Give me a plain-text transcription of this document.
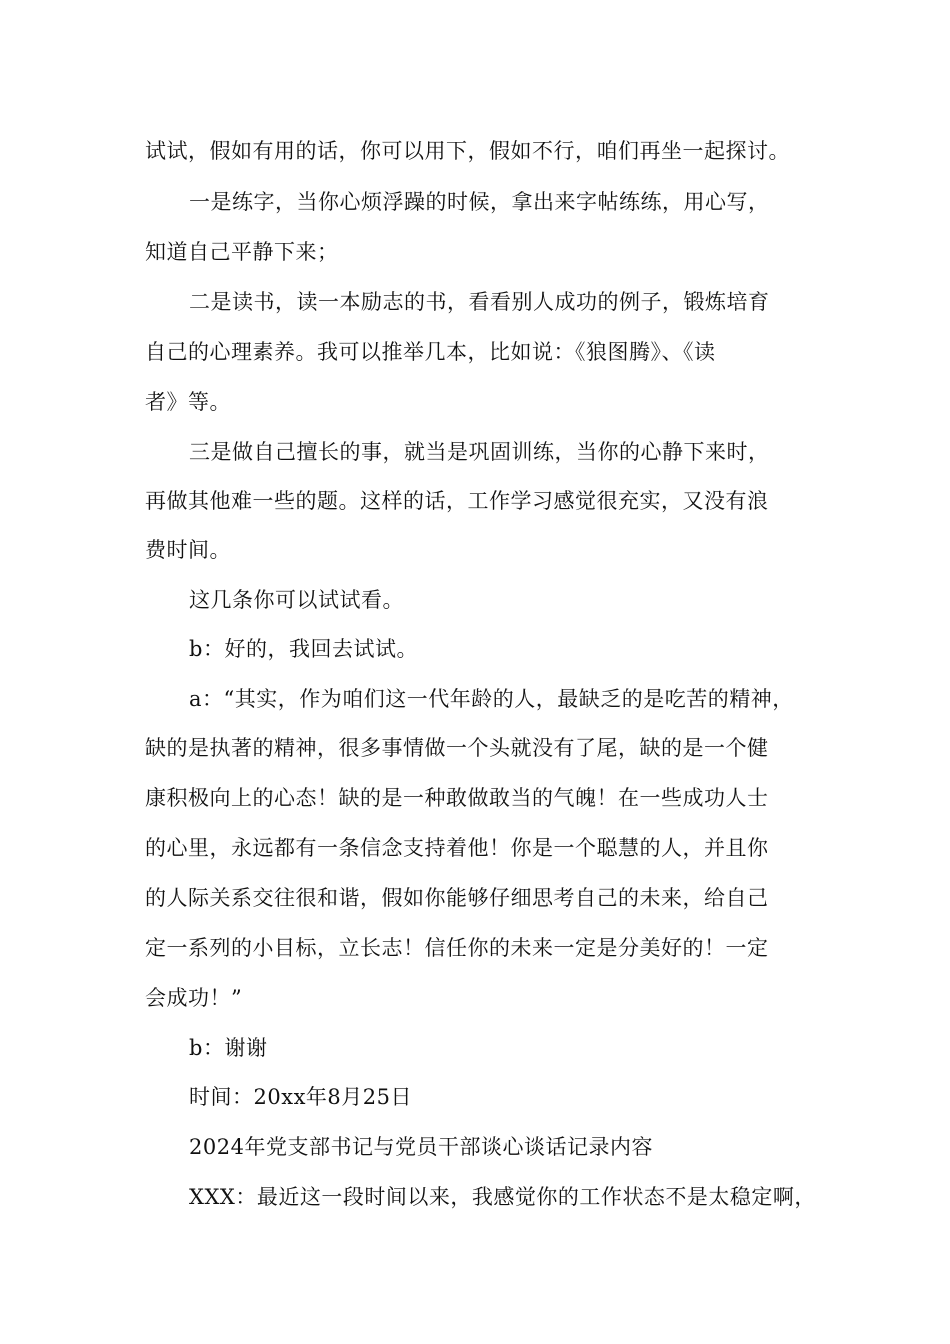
试试，假如有用的话，你可以用下，假如不行，咱们再坐一起探讨。
一是练字，当你心烦浮躁的时候，拿出来字帖练练，用心写，
知道自己平静下来；
二是读书，读一本励志的书，看看别人成功的例子，锻炼培育
自己的心理素养。我可以推举几本，比如说：《狼图腾》、《读
者》等。
三是做自己擅长的事，就当是巩固训练，当你的心静下来时，
再做其他难一些的题。这样的话，工作学习感觉很充实，又没有浪
费时间。
这几条你可以试试看。
b：好的，我回去试试。
a：“其实，作为咱们这一代年龄的人，最缺乏的是吃苦的精神，
缺的是执著的精神，很多事情做一个头就没有了尾，缺的是一个健
康积极向上的心态！缺的是一种敢做敢当的气魄！在一些成功人士
的心里，永远都有一条信念支持着他！你是一个聪慧的人，并且你
的人际关系交往很和谐，假如你能够仔细思考自己的未来，给自己
定一系列的小目标，立长志！信任你的未来一定是分美好的！一定
会成功！”
b：谢谢
时间：20xx年8月25日
2024年党支部书记与党员干部谈心谈话记录内容
XXX：最近这一段时间以来，我感觉你的工作状态不是太稳定啊，
